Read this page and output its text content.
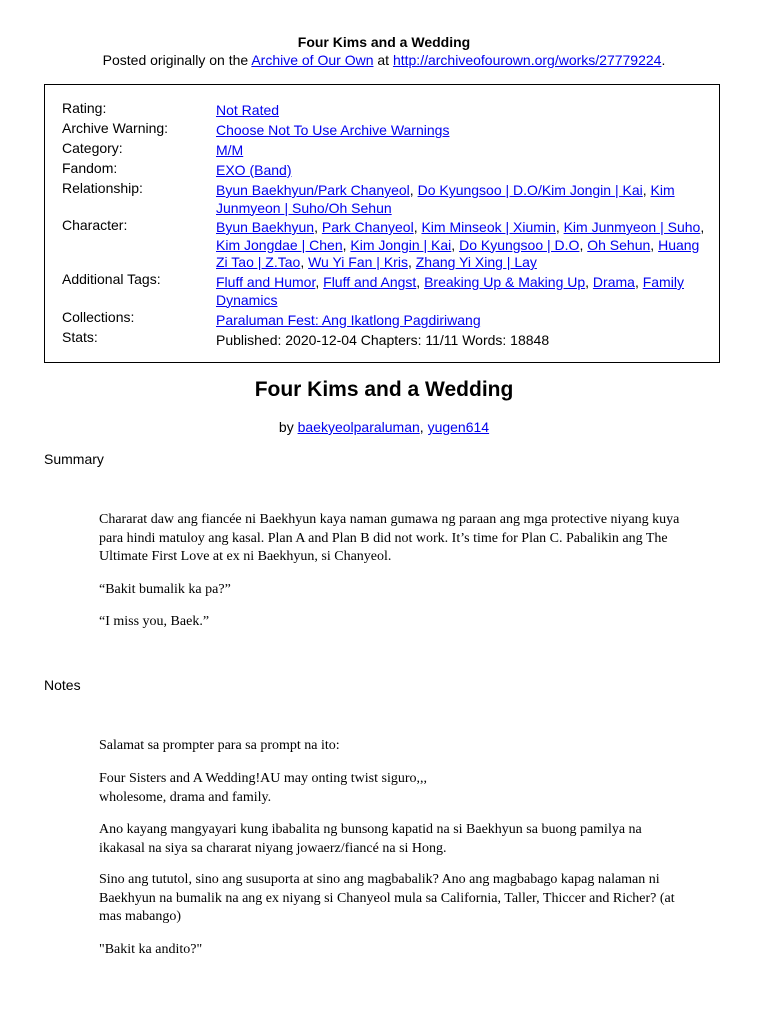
Four Kims and a Wedding
Posted originally on the Archive of Our Own at http://archiveofourown.org/works/27779224.
Rating:	Not Rated
Archive Warning:	Choose Not To Use Archive Warnings
Category:	M/M
Fandom:	EXO (Band)
Relationship:	Byun Baekhyun/Park Chanyeol, Do Kyungsoo | D.O/Kim Jongin | Kai, Kim Junmyeon | Suho/Oh Sehun
Character:	Byun Baekhyun, Park Chanyeol, Kim Minseok | Xiumin, Kim Junmyeon | Suho, Kim Jongdae | Chen, Kim Jongin | Kai, Do Kyungsoo | D.O, Oh Sehun, Huang Zi Tao | Z.Tao, Wu Yi Fan | Kris, Zhang Yi Xing | Lay
Additional Tags:	Fluff and Humor, Fluff and Angst, Breaking Up & Making Up, Drama, Family Dynamics
Collections:	Paraluman Fest: Ang Ikatlong Pagdiriwang
Stats:	Published: 2020-12-04 Chapters: 11/11 Words: 18848
Four Kims and a Wedding
by baekyeolparaluman, yugen614
Summary

Chararat daw ang fiancée ni Baekhyun kaya naman gumawa ng paraan ang mga protective niyang kuya para hindi matuloy ang kasal. Plan A and Plan B did not work. It’s time for Plan C. Pabalikin ang The Ultimate First Love at ex ni Baekhyun, si Chanyeol.

“Bakit bumalik ka pa?”

“I miss you, Baek.”

Notes

Salamat sa prompter para sa prompt na ito:

Four Sisters and A Wedding!AU may onting twist siguro,,,

wholesome, drama and family.

Ano kayang mangyayari kung ibabalita ng bunsong kapatid na si Baekhyun sa buong pamilya na ikakasal na siya sa chararat niyang jowaerz/fiancé na si Hong.

Sino ang tututol, sino ang susuporta at sino ang magbabalik? Ano ang magbabago kapag nalaman ni Baekhyun na bumalik na ang ex niyang si Chanyeol mula sa California, Taller, Thiccer and Richer? (at mas mabango)

"Bakit ka andito?"
